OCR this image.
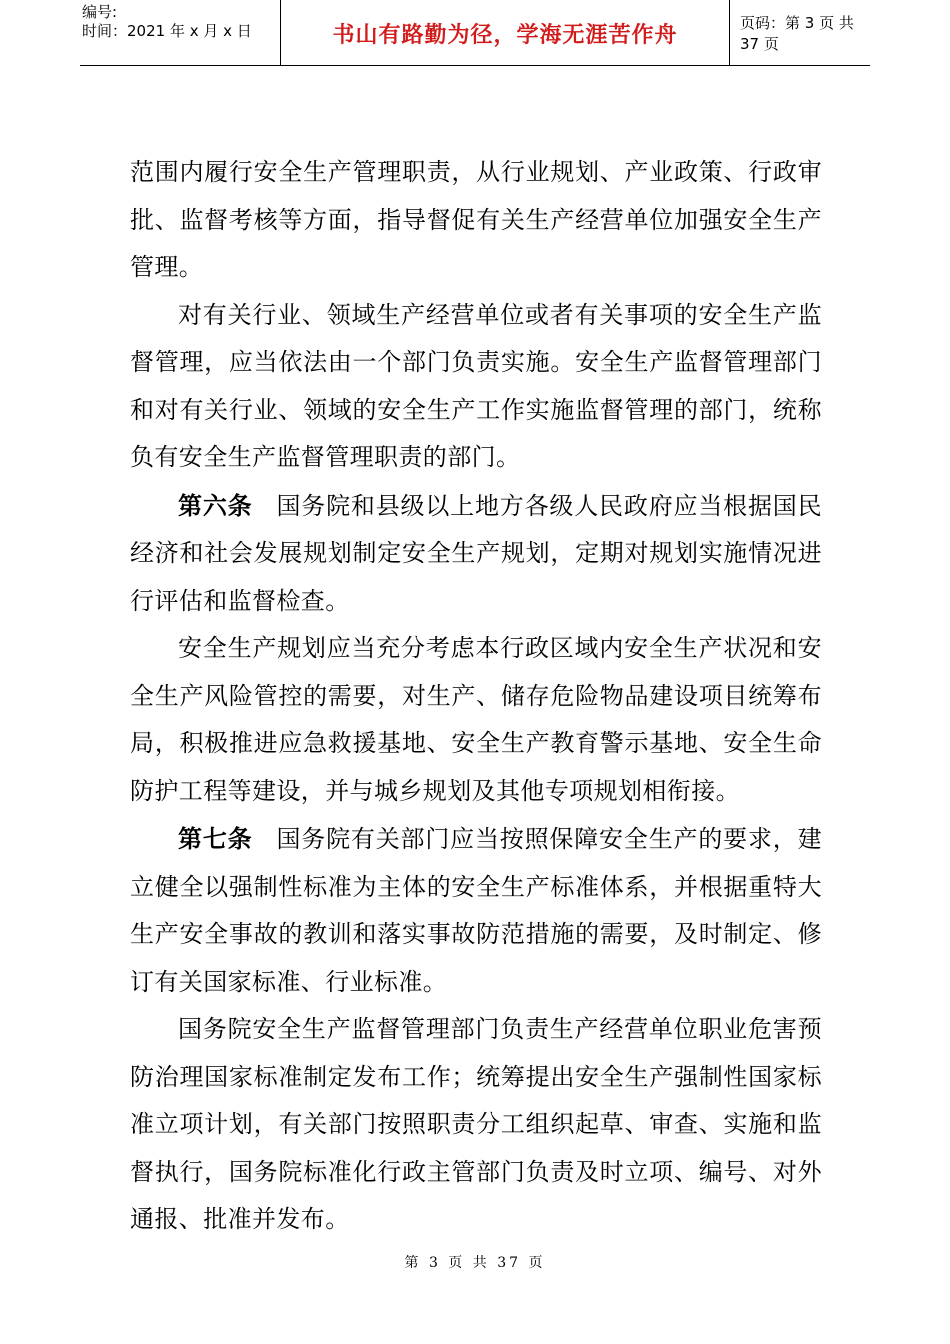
编号:
时间：2021 年 x 月 x 日	书山有路勤为径，学海无涯苦作舟	页码：第 3 页 共 37 页

范围内履行安全生产管理职责，从行业规划、产业政策、行政审批、监督考核等方面，指导督促有关生产经营单位加强安全生产管理。

对有关行业、领域生产经营单位或者有关事项的安全生产监督管理，应当依法由一个部门负责实施。安全生产监督管理部门和对有关行业、领域的安全生产工作实施监督管理的部门，统称负有安全生产监督管理职责的部门。

第六条 国务院和县级以上地方各级人民政府应当根据国民经济和社会发展规划制定安全生产规划，定期对规划实施情况进行评估和监督检查。

安全生产规划应当充分考虑本行政区域内安全生产状况和安全生产风险管控的需要，对生产、储存危险物品建设项目统筹布局，积极推进应急救援基地、安全生产教育警示基地、安全生命防护工程等建设，并与城乡规划及其他专项规划相衔接。

第七条 国务院有关部门应当按照保障安全生产的要求，建立健全以强制性标准为主体的安全生产标准体系，并根据重特大生产安全事故的教训和落实事故防范措施的需要，及时制定、修订有关国家标准、行业标准。

国务院安全生产监督管理部门负责生产经营单位职业危害预防治理国家标准制定发布工作；统筹提出安全生产强制性国家标准立项计划，有关部门按照职责分工组织起草、审查、实施和监督执行，国务院标准化行政主管部门负责及时立项、编号、对外通报、批准并发布。

第 3 页 共 37 页
